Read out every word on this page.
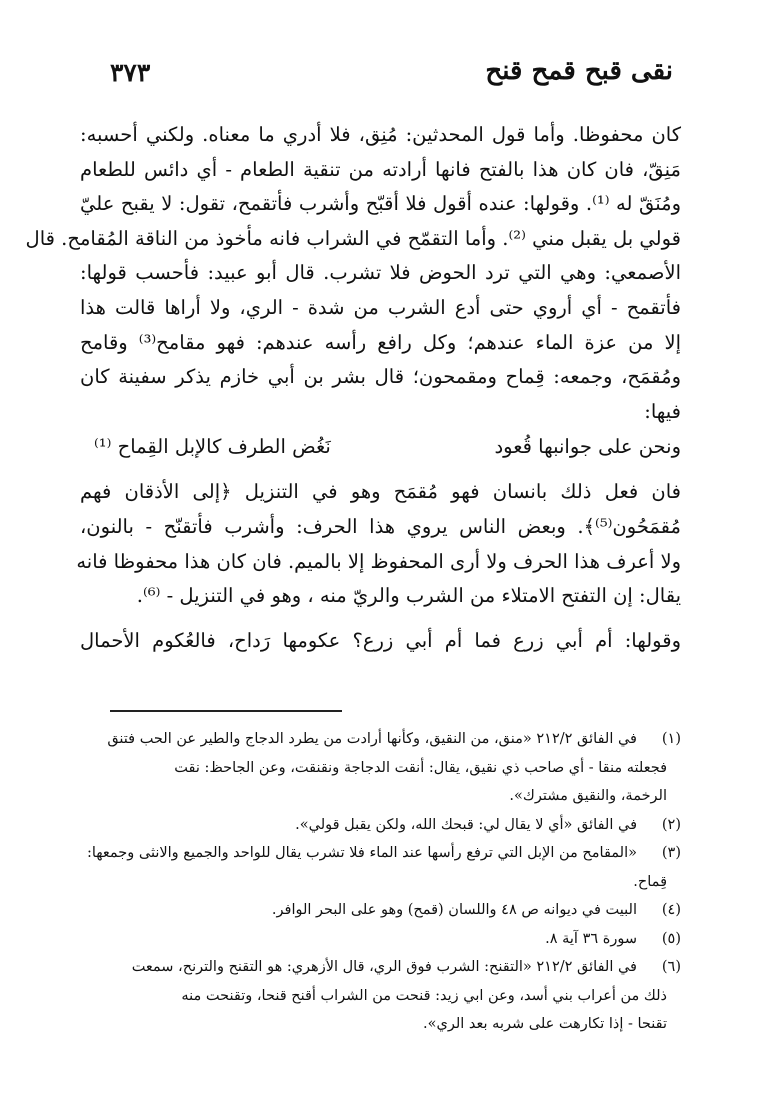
نقى قبح قمح قنح
٣٧٣
كان محفوظا. وأما قول المحدثين: مُنِق، فلا أدري ما معناه. ولكني أحسبه:
مَنِقّ، فان كان هذا بالفتح فانها أرادته من تنقية الطعام - أي دائس للطعام
ومُنَقّ له ⁽¹⁾. وقولها: عنده أقول فلا أقبّح وأشرب فأتقمح، تقول: لا يقبح عليّ
قولي بل يقبل مني ⁽²⁾. وأما التقمّح في الشراب فانه مأخوذ من الناقة المُقامح. قال
الأصمعي: وهي التي ترد الحوض فلا تشرب. قال أبو عبيد: فأحسب قولها:
فأتقمح - أي أروي حتى أدع الشرب من شدة - الري، ولا أراها قالت هذا
إلا من عزة الماء عندهم؛ وكل رافع رأسه عندهم: فهو مقامح⁽³⁾ وقامح
ومُقمَح، وجمعه: قِماح ومقمحون؛ قال بشر بن أبي خازم يذكر سفينة كان
فيها:
ونحن على جوانبها قُعود
نَغُض الطرف كالإبل القِماح ⁽¹⁾
فان فعل ذلك بانسان فهو مُقمَح وهو في التنزيل ﴿إلى الأذقان فهم
مُقمَحُون⁽⁵⁾﴾. وبعض الناس يروي هذا الحرف: وأشرب فأتقنّح - بالنون،
ولا أعرف هذا الحرف ولا أرى المحفوظ إلا بالميم. فان كان هذا محفوظا فانه
يقال: إن التفتح الامتلاء من الشرب والريّ منه ، وهو في التنزيل - ⁽⁶⁾.
وقولها: أم أبي زرع فما أم أبي زرع؟ عكومها رَداح، فالعُكوم الأحمال
(١)
في الفائق ٢١٢/٢ «منق، من النقيق، وكأنها أرادت من يطرد الدجاج والطير عن الحب فتنق
فجعلته منقا - أي صاحب ذي نقيق، يقال: أنقت الدجاجة ونقنقت، وعن الجاحظ: نقت
الرخمة، والنقيق مشترك».
(٢)
في الفائق «أي لا يقال لي: قبحك الله، ولكن يقبل قولي».
(٣)
«المقامح من الإبل التي ترفع رأسها عند الماء فلا تشرب يقال للواحد والجميع والانثى وجمعها:
قِماح.
(٤)
البيت في ديوانه ص ٤٨ واللسان (قمح) وهو على البحر الوافر.
(٥)
سورة ٣٦ آية ٨.
(٦)
في الفائق ٢١٢/٢ «التقنح: الشرب فوق الري، قال الأزهري: هو التقنح والترنح، سمعت
ذلك من أعراب بني أسد، وعن ابي زيد: قنحت من الشراب أقنح قنحا، وتقنحت منه
تقنحا - إذا تكارهت على شربه بعد الري».
